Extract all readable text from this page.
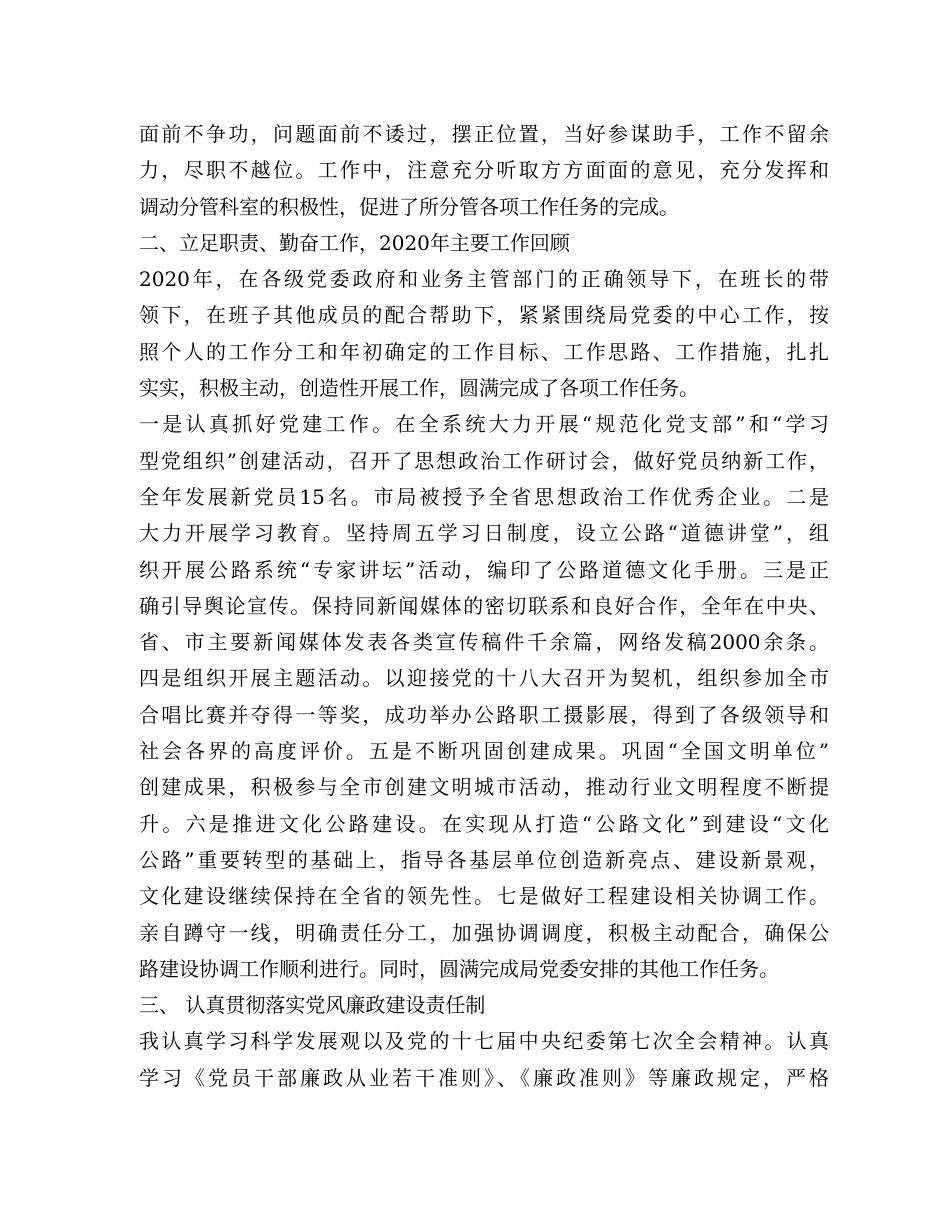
面前不争功，问题面前不诿过，摆正位置，当好参谋助手，工作不留余
力，尽职不越位。工作中，注意充分听取方方面面的意见，充分发挥和
调动分管科室的积极性，促进了所分管各项工作任务的完成。
二、立足职责、勤奋工作，2020年主要工作回顾
2020年，在各级党委政府和业务主管部门的正确领导下，在班长的带
领下，在班子其他成员的配合帮助下，紧紧围绕局党委的中心工作，按
照个人的工作分工和年初确定的工作目标、工作思路、工作措施，扎扎
实实，积极主动，创造性开展工作，圆满完成了各项工作任务。
一是认真抓好党建工作。在全系统大力开展“规范化党支部”和“学习
型党组织”创建活动，召开了思想政治工作研讨会，做好党员纳新工作，
全年发展新党员15名。市局被授予全省思想政治工作优秀企业。二是
大力开展学习教育。坚持周五学习日制度，设立公路“道德讲堂”，组
织开展公路系统“专家讲坛”活动，编印了公路道德文化手册。三是正
确引导舆论宣传。保持同新闻媒体的密切联系和良好合作，全年在中央、
省、市主要新闻媒体发表各类宣传稿件千余篇，网络发稿2000余条。
四是组织开展主题活动。以迎接党的十八大召开为契机，组织参加全市
合唱比赛并夺得一等奖，成功举办公路职工摄影展，得到了各级领导和
社会各界的高度评价。五是不断巩固创建成果。巩固“全国文明单位”
创建成果，积极参与全市创建文明城市活动，推动行业文明程度不断提
升。六是推进文化公路建设。在实现从打造“公路文化”到建设“文化
公路”重要转型的基础上，指导各基层单位创造新亮点、建设新景观，
文化建设继续保持在全省的领先性。七是做好工程建设相关协调工作。
亲自蹲守一线，明确责任分工，加强协调调度，积极主动配合，确保公
路建设协调工作顺利进行。同时，圆满完成局党委安排的其他工作任务。
三、 认真贯彻落实党风廉政建设责任制
我认真学习科学发展观以及党的十七届中央纪委第七次全会精神。认真
学习《党员干部廉政从业若干准则》、《廉政准则》等廉政规定，严格
